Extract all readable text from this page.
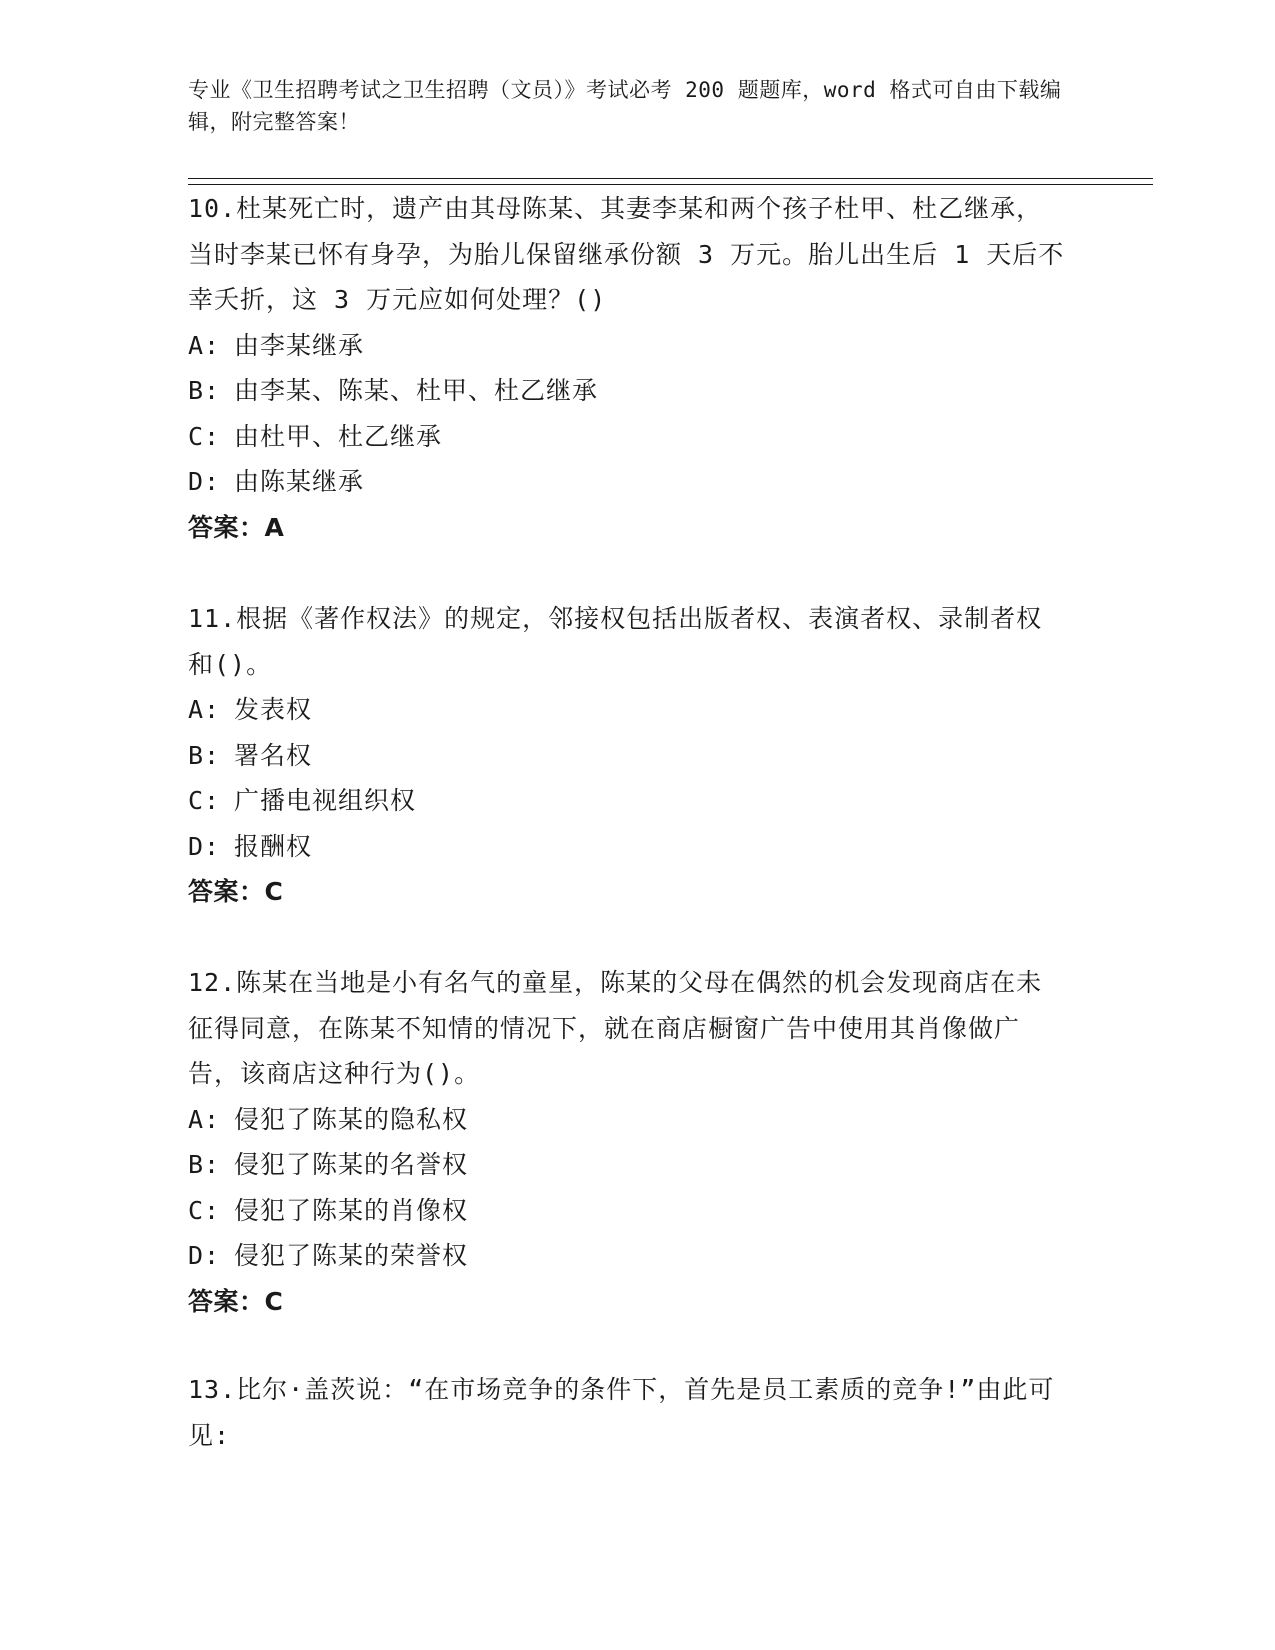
专业《卫生招聘考试之卫生招聘（文员）》考试必考 200 题题库，word 格式可自由下载编辑，附完整答案！

10.杜某死亡时，遗产由其母陈某、其妻李某和两个孩子杜甲、杜乙继承，当时李某已怀有身孕，为胎儿保留继承份额 3 万元。胎儿出生后 1 天后不幸夭折，这 3 万元应如何处理？()

A: 由李某继承
B: 由李某、陈某、杜甲、杜乙继承
C: 由杜甲、杜乙继承
D: 由陈某继承
答案：A

11.根据《著作权法》的规定，邻接权包括出版者权、表演者权、录制者权和()。

A: 发表权
B: 署名权
C: 广播电视组织权
D: 报酬权
答案：C

12.陈某在当地是小有名气的童星，陈某的父母在偶然的机会发现商店在未征得同意，在陈某不知情的情况下，就在商店橱窗广告中使用其肖像做广告，该商店这种行为()。

A: 侵犯了陈某的隐私权
B: 侵犯了陈某的名誉权
C: 侵犯了陈某的肖像权
D: 侵犯了陈某的荣誉权
答案：C

13.比尔·盖茨说：“在市场竞争的条件下，首先是员工素质的竞争!”由此可见:
